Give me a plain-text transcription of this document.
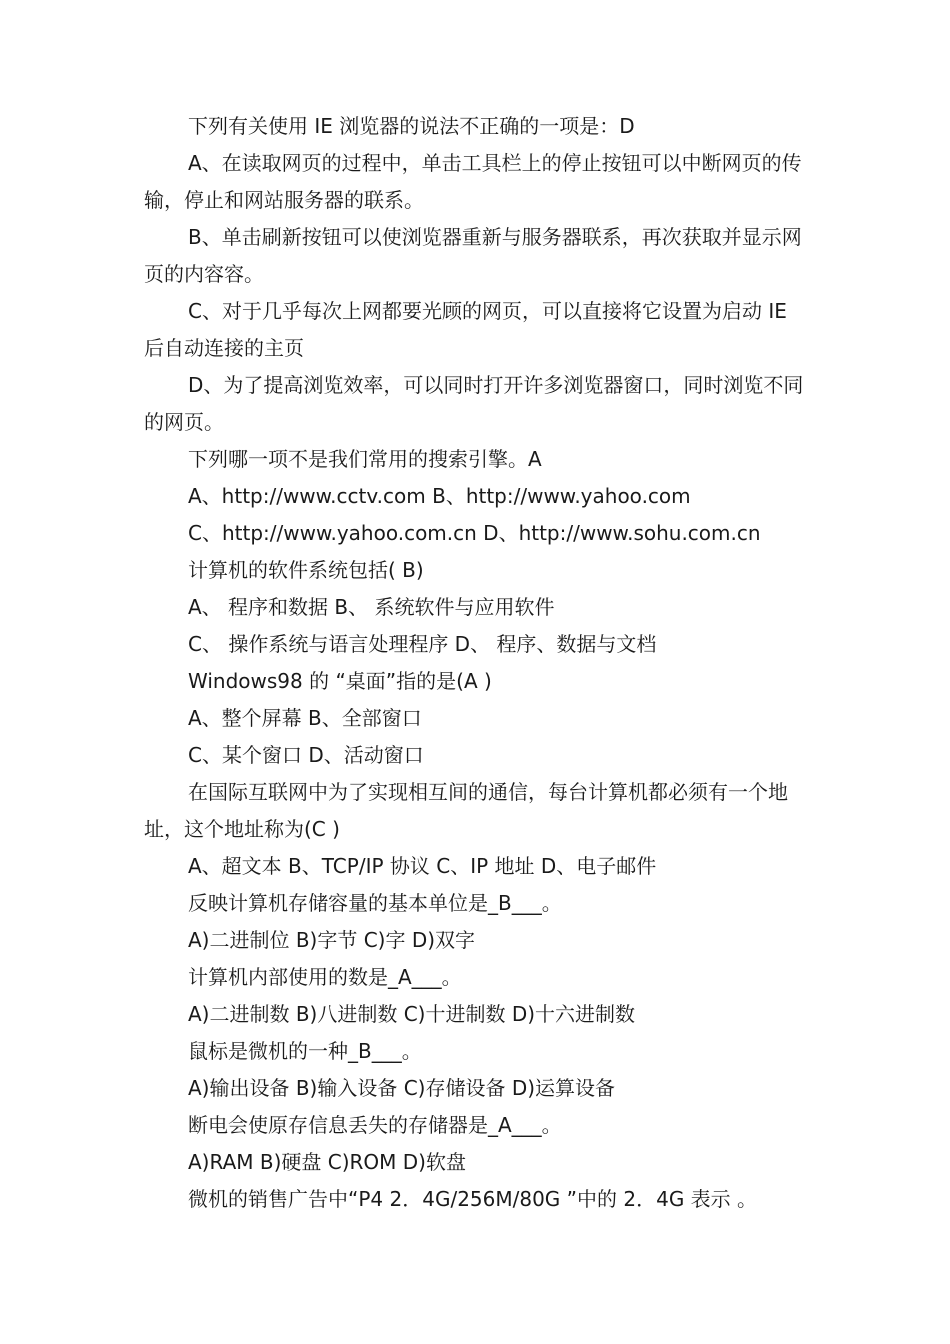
下列有关使用 IE 浏览器的说法不正确的一项是：D

A、在读取网页的过程中，单击工具栏上的停止按钮可以中断网页的传输，停止和网站服务器的联系。

B、单击刷新按钮可以使浏览器重新与服务器联系，再次获取并显示网页的内容容。

C、对于几乎每次上网都要光顾的网页，可以直接将它设置为启动 IE 后自动连接的主页

D、为了提高浏览效率，可以同时打开许多浏览器窗口，同时浏览不同的网页。

下列哪一项不是我们常用的搜索引擎。A

A、http://www.cctv.com B、http://www.yahoo.com

C、http://www.yahoo.com.cn D、http://www.sohu.com.cn

计算机的软件系统包括( B)

A、 程序和数据 B、 系统软件与应用软件

C、 操作系统与语言处理程序 D、 程序、数据与文档

Windows98 的 “桌面”指的是(A )

A、整个屏幕 B、全部窗口

C、某个窗口 D、活动窗口

在国际互联网中为了实现相互间的通信，每台计算机都必须有一个地址，这个地址称为(C )

A、超文本 B、TCP/IP 协议 C、IP 地址 D、电子邮件

反映计算机存储容量的基本单位是_B___。

A)二进制位 B)字节 C)字 D)双字

计算机内部使用的数是_A___。

A)二进制数 B)八进制数 C)十进制数 D)十六进制数

鼠标是微机的一种_B___。

A)输出设备 B)输入设备 C)存储设备 D)运算设备

断电会使原存信息丢失的存储器是_A___。

A)RAM B)硬盘 C)ROM D)软盘

微机的销售广告中“P4 2．4G/256M/80G ”中的 2．4G 表示 。
